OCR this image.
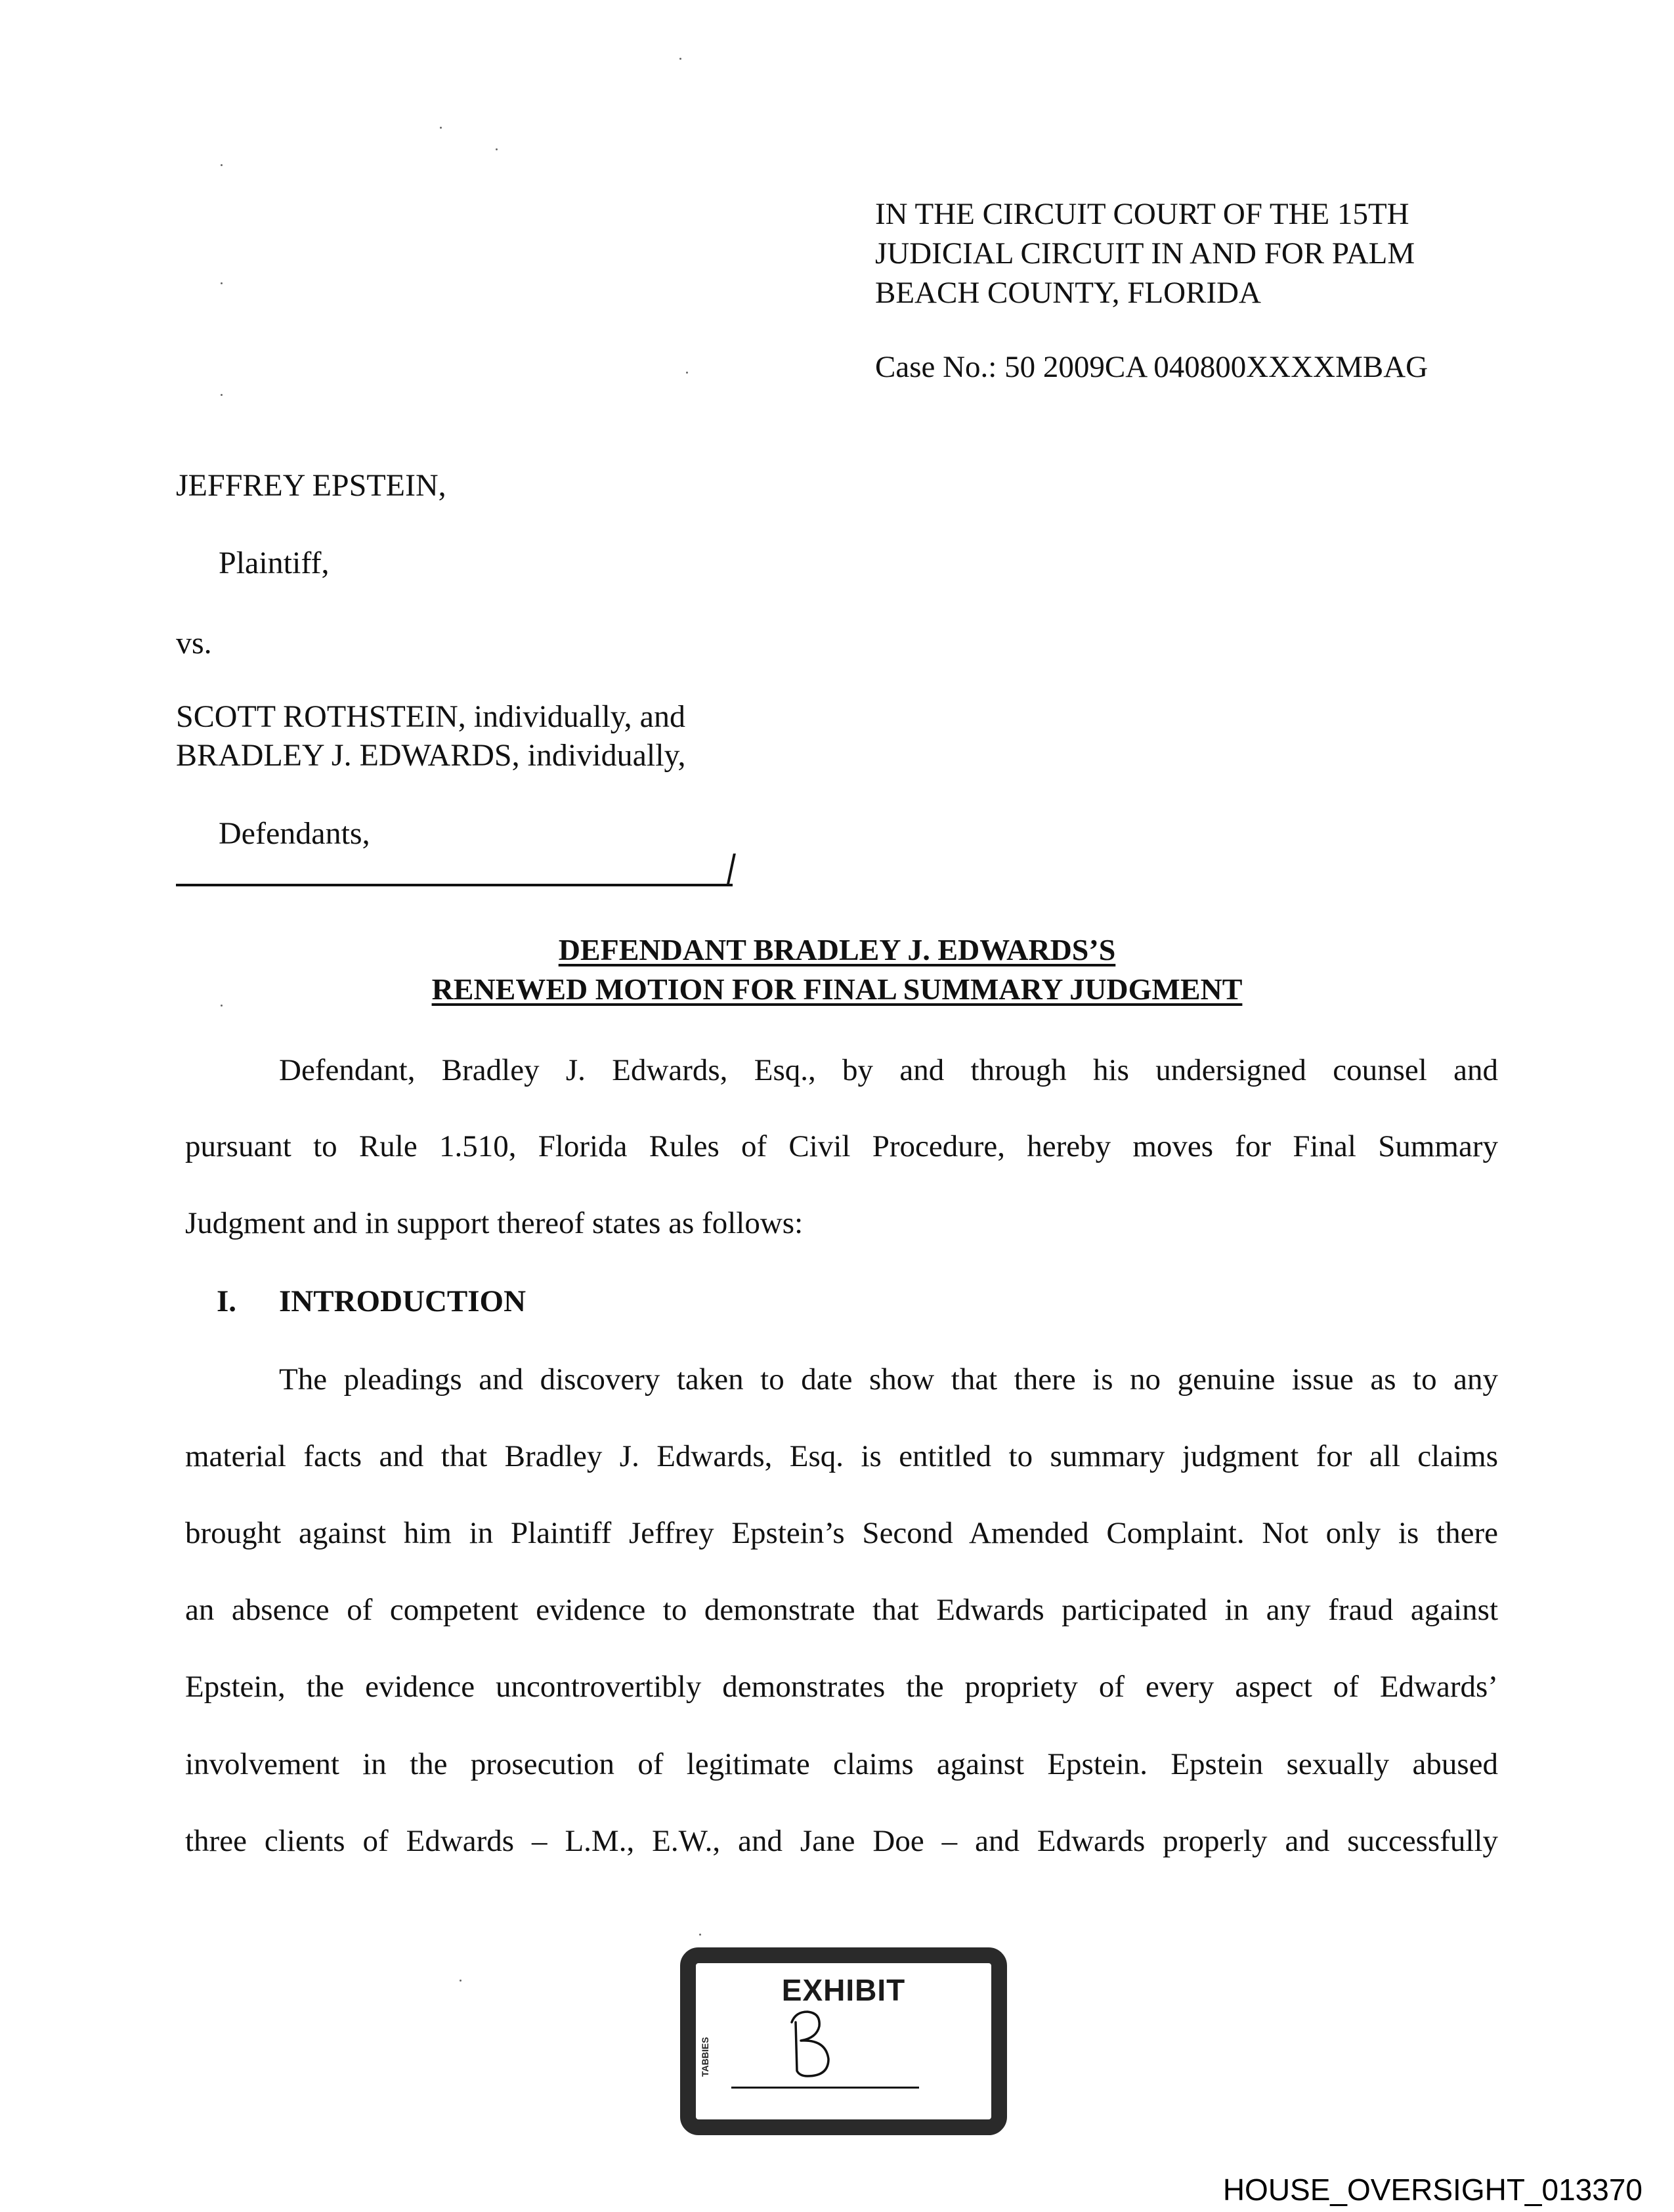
IN THE CIRCUIT COURT OF THE 15TH
JUDICIAL CIRCUIT IN AND FOR PALM
BEACH COUNTY, FLORIDA
Case No.: 50 2009CA 040800XXXXMBAG
JEFFREY EPSTEIN,
Plaintiff,
vs.
SCOTT ROTHSTEIN, individually, and
BRADLEY J. EDWARDS, individually,
Defendants,
DEFENDANT BRADLEY J. EDWARDS’S
RENEWED MOTION FOR FINAL SUMMARY JUDGMENT
Defendant, Bradley J. Edwards, Esq., by and through his undersigned counsel and
pursuant to Rule 1.510, Florida Rules of Civil Procedure, hereby moves for Final Summary
Judgment and in support thereof states as follows:
I. INTRODUCTION
The pleadings and discovery taken to date show that there is no genuine issue as to any
material facts and that Bradley J. Edwards, Esq. is entitled to summary judgment for all claims
brought against him in Plaintiff Jeffrey Epstein’s Second Amended Complaint. Not only is there
an absence of competent evidence to demonstrate that Edwards participated in any fraud against
Epstein, the evidence uncontrovertibly demonstrates the propriety of every aspect of Edwards’
involvement in the prosecution of legitimate claims against Epstein. Epstein sexually abused
three clients of Edwards – L.M., E.W., and Jane Doe – and Edwards properly and successfully
EXHIBIT
TABBIES
HOUSE_OVERSIGHT_013370
